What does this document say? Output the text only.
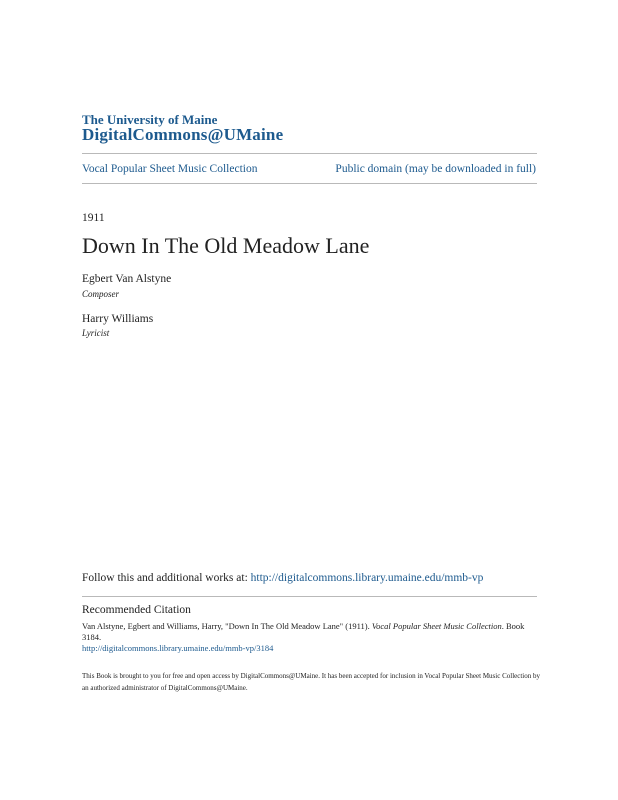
The University of Maine
DigitalCommons@UMaine
Vocal Popular Sheet Music Collection	Public domain (may be downloaded in full)
1911
Down In The Old Meadow Lane
Egbert Van Alstyne
Composer
Harry Williams
Lyricist
Follow this and additional works at: http://digitalcommons.library.umaine.edu/mmb-vp
Recommended Citation
Van Alstyne, Egbert and Williams, Harry, "Down In The Old Meadow Lane" (1911). Vocal Popular Sheet Music Collection. Book 3184.
http://digitalcommons.library.umaine.edu/mmb-vp/3184
This Book is brought to you for free and open access by DigitalCommons@UMaine. It has been accepted for inclusion in Vocal Popular Sheet Music Collection by an authorized administrator of DigitalCommons@UMaine.
